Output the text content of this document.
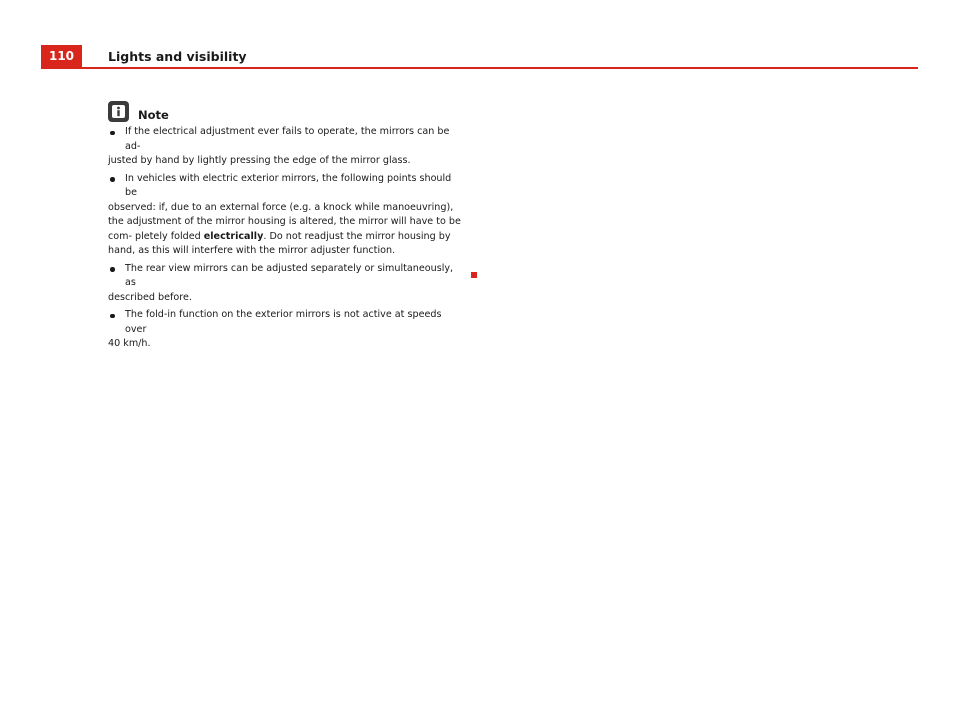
110	Lights and visibility
Note
If the electrical adjustment ever fails to operate, the mirrors can be ad-
justed by hand by lightly pressing the edge of the mirror glass.
In vehicles with electric exterior mirrors, the following points should be
observed: if, due to an external force (e.g. a knock while manoeuvring), the adjustment of the mirror housing is altered, the mirror will have to be com- pletely folded electrically. Do not readjust the mirror housing by hand, as this will interfere with the mirror adjuster function.
The rear view mirrors can be adjusted separately or simultaneously, as
described before.
The fold-in function on the exterior mirrors is not active at speeds over
40 km/h.
